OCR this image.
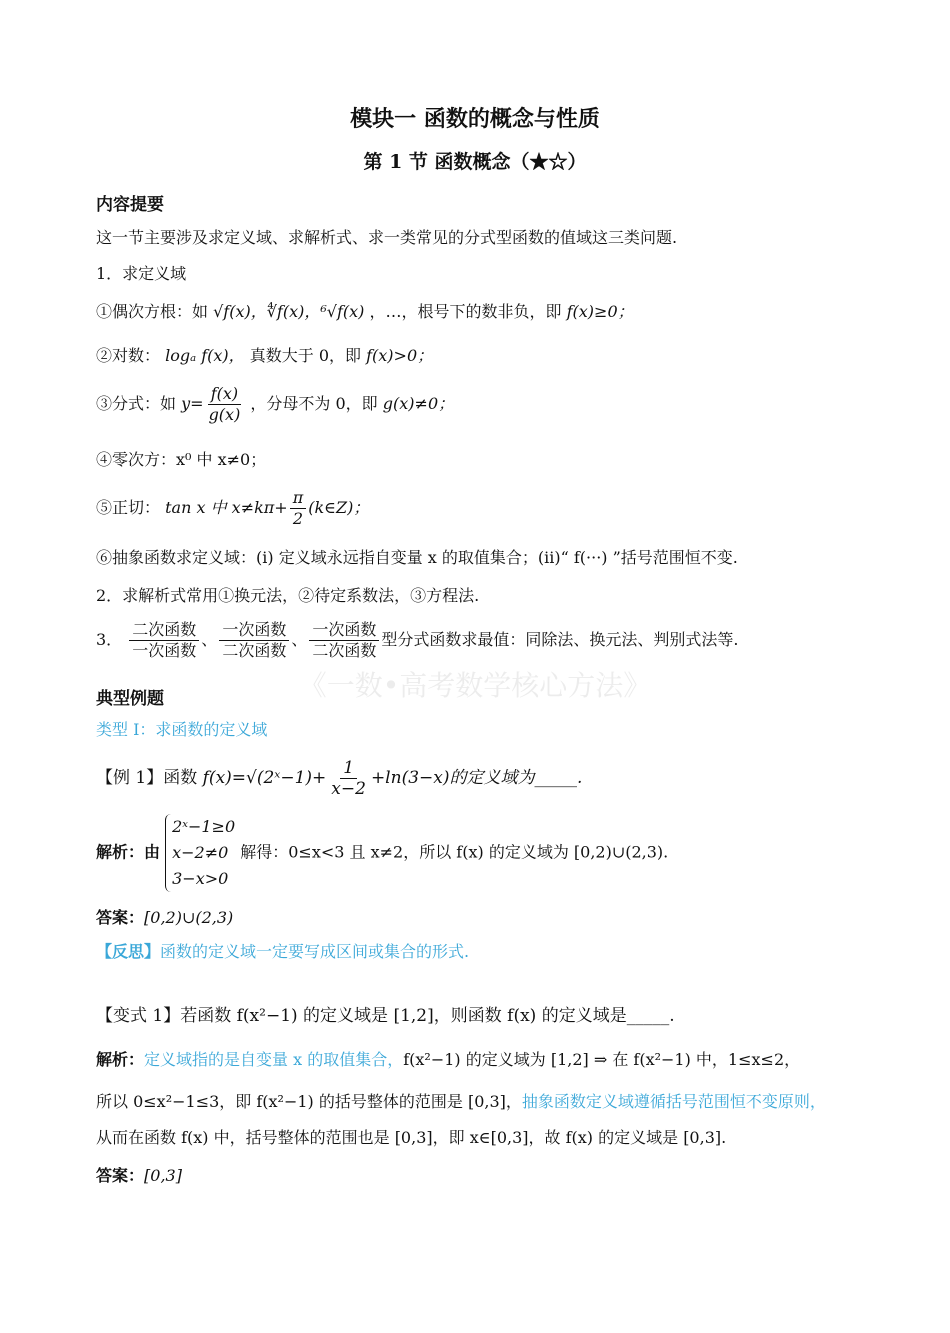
模块一 函数的概念与性质
第 1 节 函数概念（★☆）
内容提要
这一节主要涉及求定义域、求解析式、求一类常见的分式型函数的值域这三类问题.
1．求定义域
①偶次方根：如 √f(x)，∜f(x)，⁶√f(x) ，…，根号下的数非负，即 f(x)≥0；
②对数： logₐ f(x)， 真数大于 0，即 f(x)>0；
③分式：如 $y= \frac{f(x)}{g(x)}$ ，分母不为 0，即 g(x)≠0；
④零次方：x⁰ 中 x≠0；
⑤正切： tan x 中 $x\ne k\pi+ \frac{\pi}{2}$ (k∈Z)；
⑥抽象函数求定义域：(i) 定义域永远指自变量 x 的取值集合；(ii)“ f(···) ”括号范围恒不变.
2．求解析式常用①换元法，②待定系数法，③方程法.
3． $\frac{\text{二次函数}}{\text{一次函数}}$ 、 $\frac{\text{一次函数}}{\text{二次函数}}$ 、 $\frac{\text{一次函数}}{\text{二次函数}}$ 型分式函数求最值：同除法、换元法、判别式法等.
《一数•高考数学核心方法》
典型例题
类型 I：求函数的定义域
【例 1】函数 f(x)=√(2ˣ−1)+ $\frac{1}{x-2} +\ln(3-x)$的定义域为_____.
解析：由
2ˣ−1≥0
x−2≠0
3−x>0
解得：0≤x<3 且 x≠2，所以 f(x) 的定义域为 [0,2)∪(2,3).
答案：[0,2)∪(2,3)
【反思】函数的定义域一定要写成区间或集合的形式.
【变式 1】若函数 f(x²−1) 的定义域是 [1,2]，则函数 f(x) 的定义域是_____.
解析：定义域指的是自变量 x 的取值集合，f(x²−1) 的定义域为 [1,2] ⇒ 在 f(x²−1) 中，1≤x≤2，
所以 0≤x²−1≤3，即 f(x²−1) 的括号整体的范围是 [0,3]，抽象函数定义域遵循括号范围恒不变原则，
从而在函数 f(x) 中，括号整体的范围也是 [0,3]，即 x∈[0,3]，故 f(x) 的定义域是 [0,3].
答案：[0,3]
